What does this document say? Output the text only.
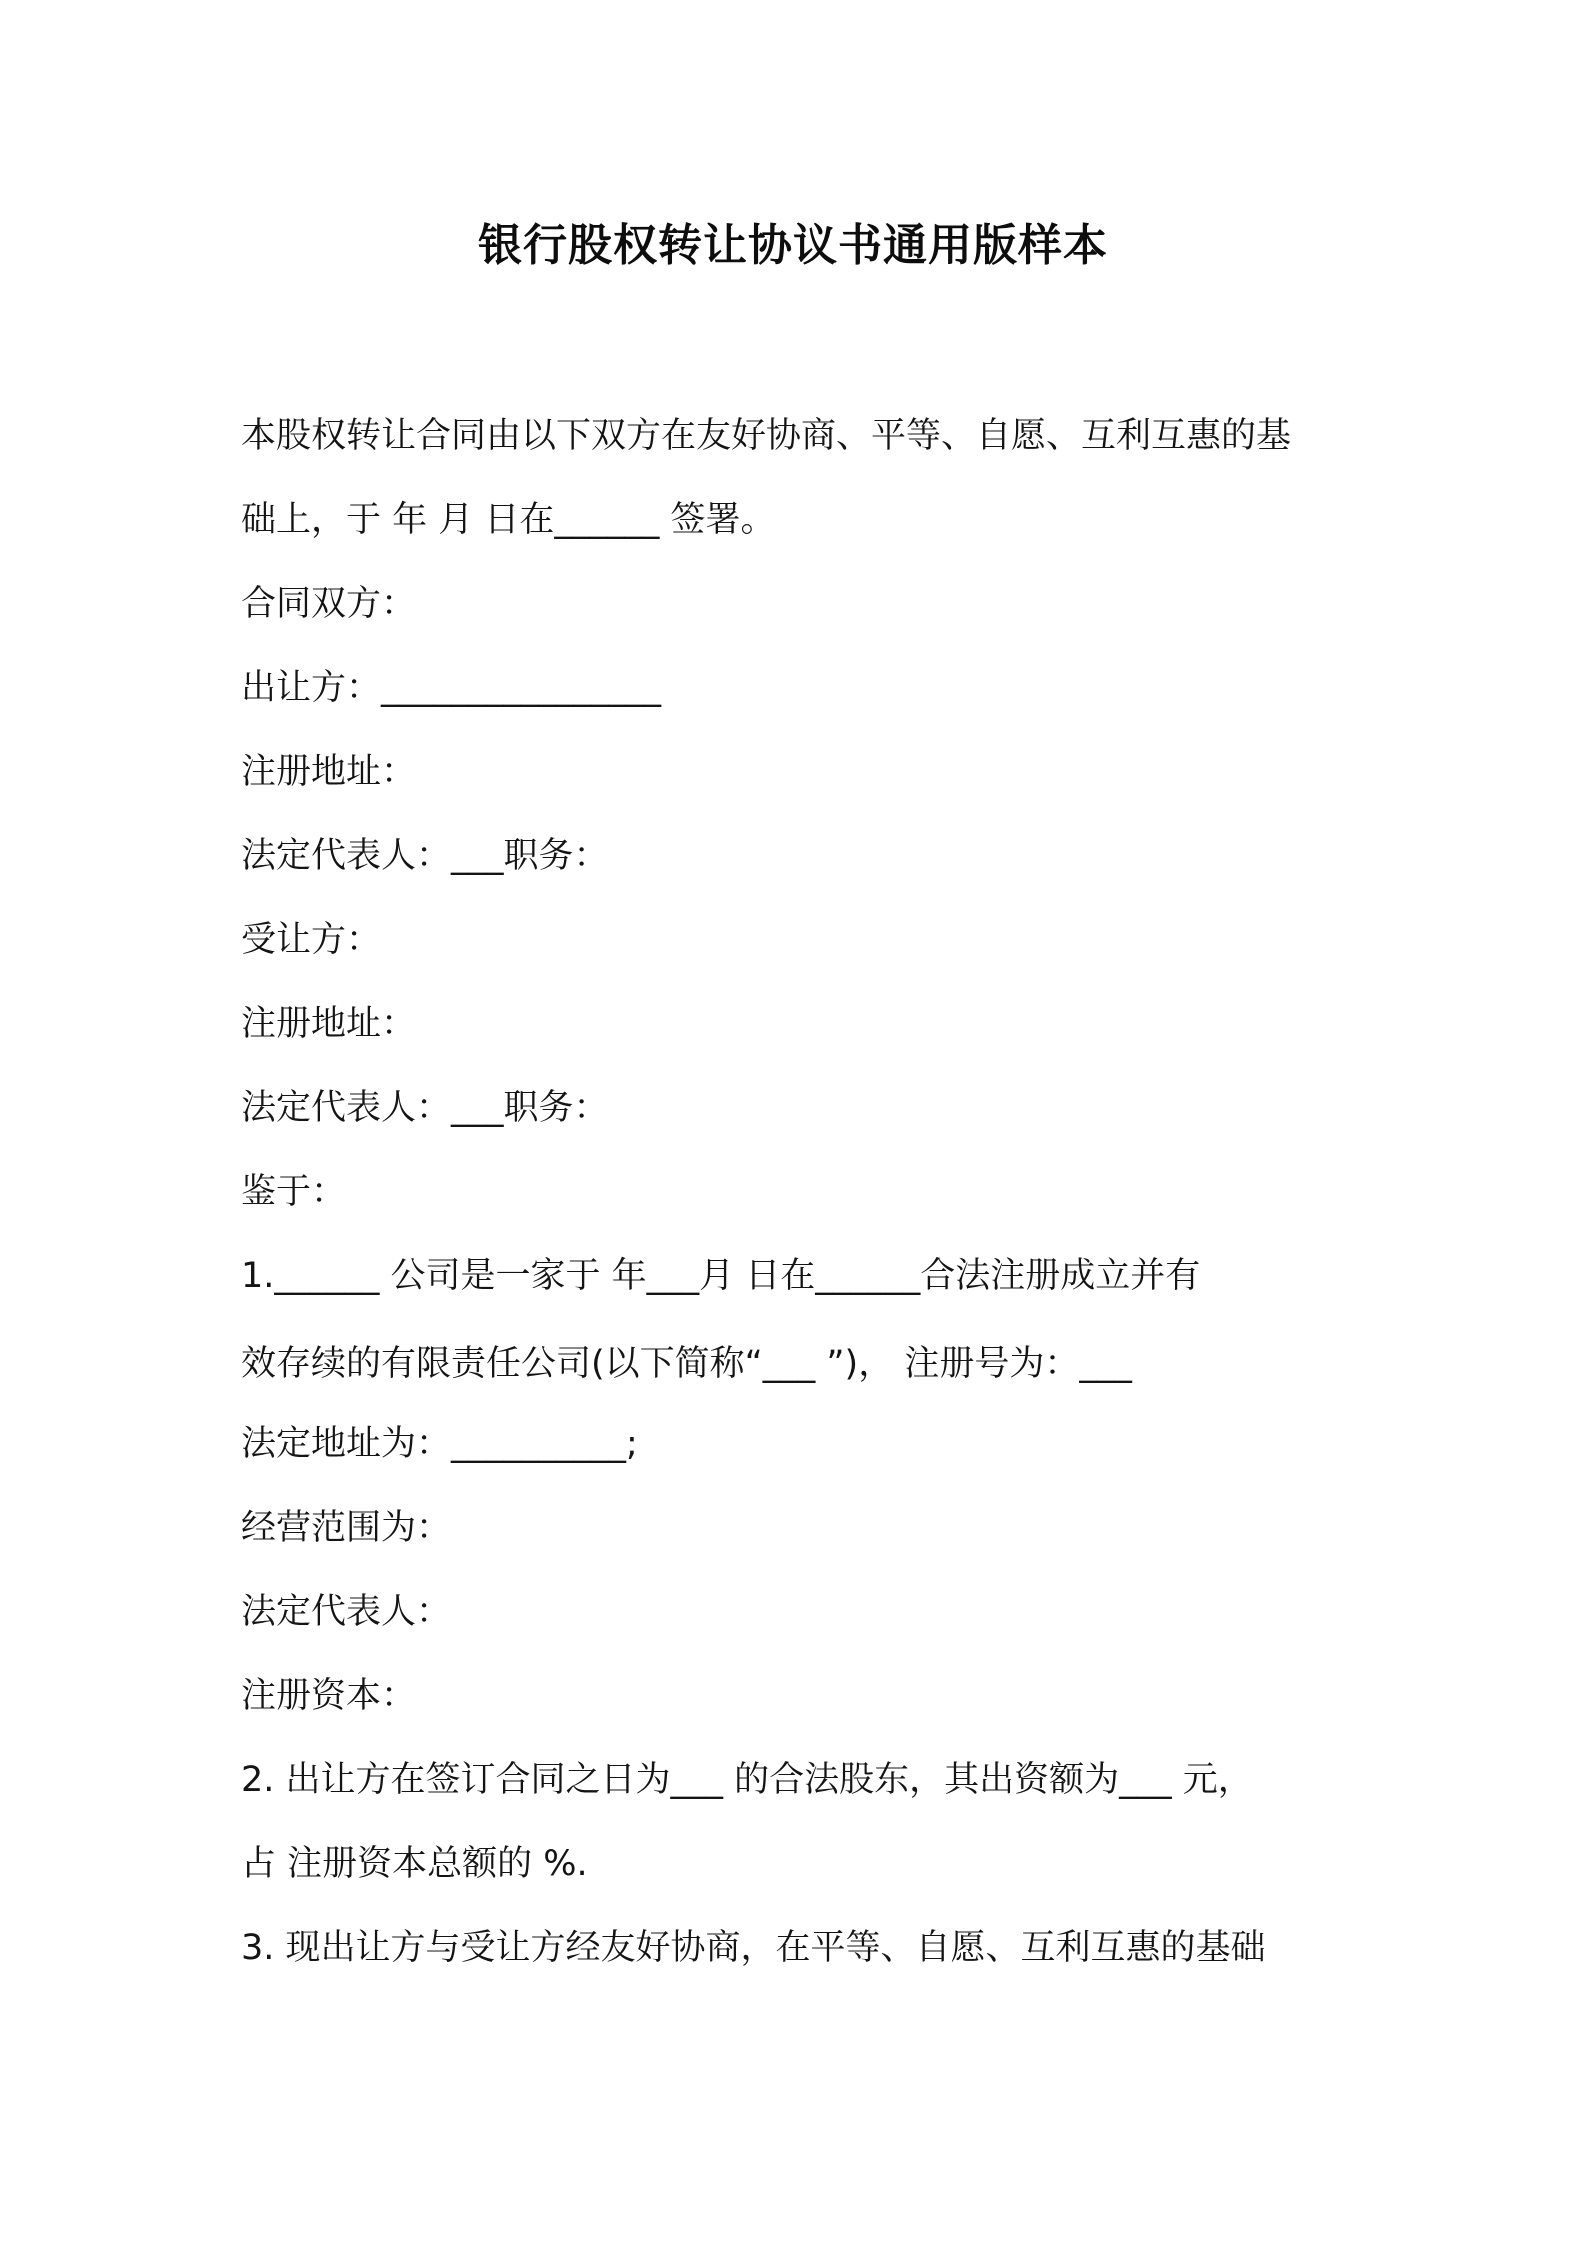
银行股权转让协议书通用版样本
本股权转让合同由以下双方在友好协商、平等、自愿、互利互惠的基
础上，于 年 月 日在______ 签署。
合同双方：
出让方：________________
注册地址：
法定代表人：___职务：
受让方：
注册地址：
法定代表人：___职务：
鉴于：
1.______ 公司是一家于 年___月 日在______合法注册成立并有
效存续的有限责任公司(以下简称“___ ”)， 注册号为：___
法定地址为：__________;
经营范围为：
法定代表人：
注册资本：
2. 出让方在签订合同之日为___ 的合法股东，其出资额为___ 元，
占 注册资本总额的 %.
3. 现出让方与受让方经友好协商，在平等、自愿、互利互惠的基础
